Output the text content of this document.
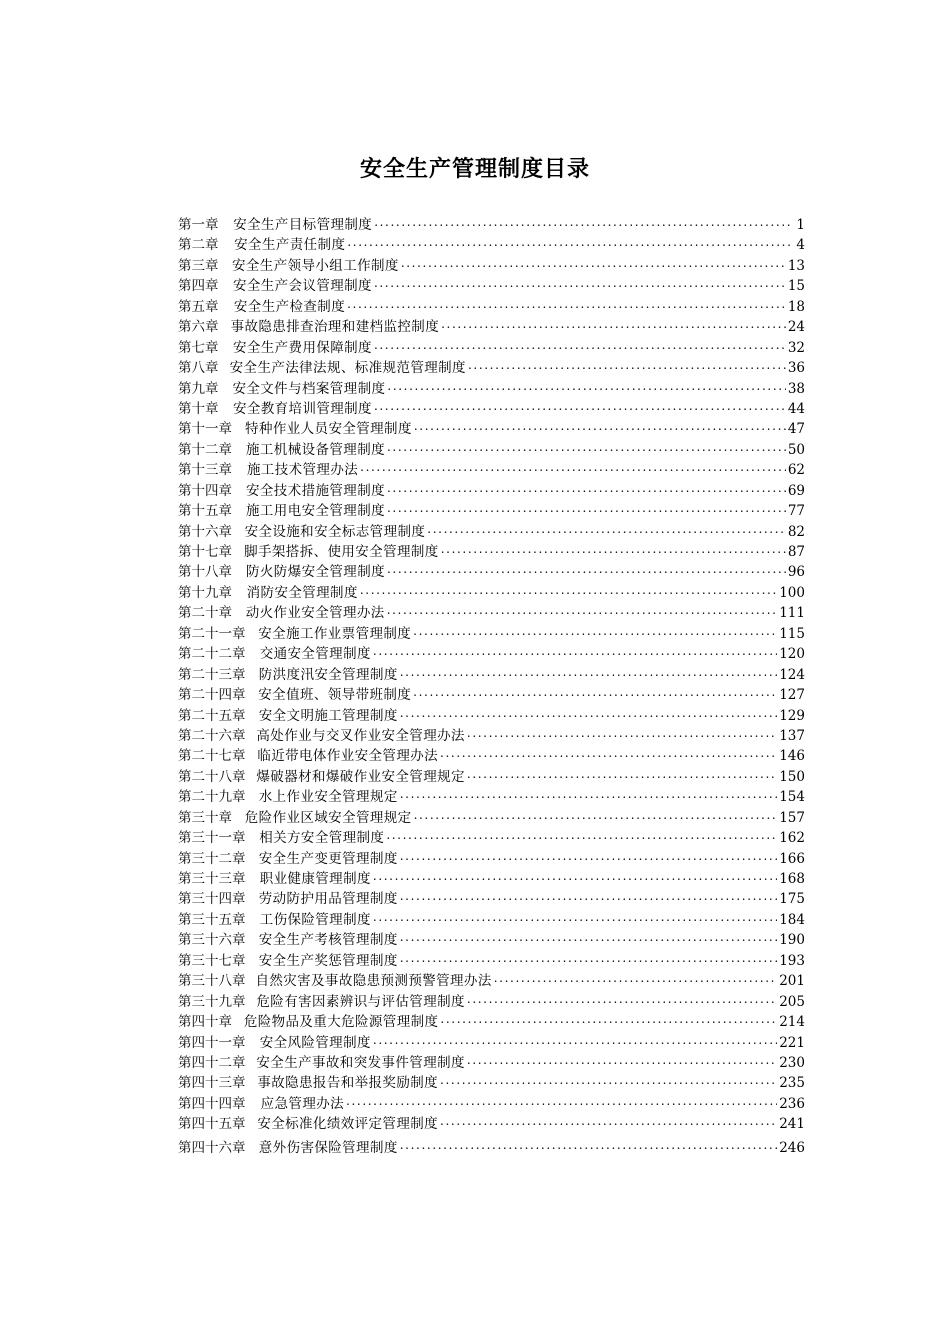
安全生产管理制度目录
第一章 安全生产目标管理制度 . . .	1
第二章 安全生产责任制度 . . .	4
第三章 安全生产领导小组工作制度 . . .	13
第四章 安全生产会议管理制度 . . .	15
第五章 安全生产检查制度 . . .	18
第六章 事故隐患排查治理和建档监控制度 . . .	24
第七章 安全生产费用保障制度 . . .	32
第八章 安全生产法律法规、标准规范管理制度 . . .	36
第九章 安全文件与档案管理制度 . . .	38
第十章 安全教育培训管理制度 . . .	44
第十一章 特种作业人员安全管理制度 . . .	47
第十二章 施工机械设备管理制度 . . .	50
第十三章 施工技术管理办法 . . .	62
第十四章 安全技术措施管理制度 . . .	69
第十五章 施工用电安全管理制度 . . .	77
第十六章 安全设施和安全标志管理制度 . . .	82
第十七章 脚手架搭拆、使用安全管理制度 . . .	87
第十八章 防火防爆安全管理制度 . . .	96
第十九章 消防安全管理制度 . . .	100
第二十章 动火作业安全管理办法 . . .	111
第二十一章 安全施工作业票管理制度 . . .	115
第二十二章 交通安全管理制度 . . .	120
第二十三章 防洪度汛安全管理制度 . . .	124
第二十四章 安全值班、领导带班制度 . . .	127
第二十五章 安全文明施工管理制度 . . .	129
第二十六章 高处作业与交叉作业安全管理办法 . . .	137
第二十七章 临近带电体作业安全管理办法 . . .	146
第二十八章 爆破器材和爆破作业安全管理规定 . . .	150
第二十九章 水上作业安全管理规定 . . .	154
第三十章 危险作业区域安全管理规定 . . .	157
第三十一章 相关方安全管理制度 . . .	162
第三十二章 安全生产变更管理制度 . . .	166
第三十三章 职业健康管理制度 . . .	168
第三十四章 劳动防护用品管理制度 . . .	175
第三十五章 工伤保险管理制度 . . .	184
第三十六章 安全生产考核管理制度 . . .	190
第三十七章 安全生产奖惩管理制度 . . .	193
第三十八章 自然灾害及事故隐患预测预警管理办法 . . .	201
第三十九章 危险有害因素辨识与评估管理制度 . . .	205
第四十章 危险物品及重大危险源管理制度 . . .	214
第四十一章 安全风险管理制度 . . .	221
第四十二章 安全生产事故和突发事件管理制度 . . .	230
第四十三章 事故隐患报告和举报奖励制度 . . .	235
第四十四章 应急管理办法 . . .	236
第四十五章 安全标准化绩效评定管理制度 . . .	241
第四十六章 意外伤害保险管理制度 . . .	246
